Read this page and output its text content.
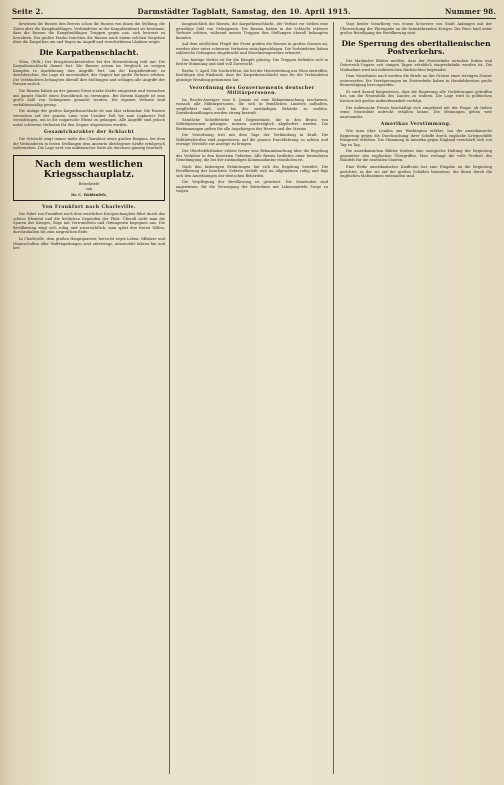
Seite 2.	Darmstädter Tagblatt, Samstag, den 10. April 1915.	Nummer 98.

bewiesen die Russen den Beweis schon die Russen von ihnen die Stellung, die Zaren aber die Kampfunfähigen, Verbündeten in der Karpathenfront sie bestimmt, dass die Russen die Kampfunfähigen Truppen gegen uns, sich bewusst zu bewahren. Ein großes Fiasko brachten die Russen nach einem solchen Vorgehen über die Karpathen um und liegen im Angriff und verschiedenen Ländern zeigte.

Die Karpathenschlacht.

Wien, (Wtb.) Der Kriegsberichterstatter bei der Heeresleitung teilt mit: Die Karpathenschlacht dauert fort. Die Russen setzen im Vergleich zu vorigen Kämpfen in Ausdehnung ihre Angriffe fort, um die Karpathenfront zu durchbrechen. Die Lage ist unverändert, der Gegner hat große Verluste erlitten. Die Verbündeten behaupten überall ihre Stellungen und schlagen alle Angriffe der Russen zurück.

Die Russen haben an der ganzen Front starke Kräfte eingesetzt und versuchen mit ganzer Macht einen Durchbruch zu erzwingen. Bei diesem Kampfe ist eine große Zahl von Gefangenen gemacht worden. Die eigenen Verluste sind verhältnismäßig gering.

Die Anlage der großen Karpathenschlacht ist nun klar erkennbar. Die Russen versuchen auf der ganzen Linie vom Uzsoker Paß bis zum Lupkower Paß vorzudringen, um in die ungarische Ebene zu gelangen. Alle Angriffe sind jedoch unter schweren Verlusten für den Gegner abgewiesen worden.

Gesamtcharakter der Schlacht

Die Schlacht zeigt immer mehr den Charakter eines großen Ringens, bei dem die Verbündeten in festen Stellungen dem Ansturm überlegener Kräfte erfolgreich widerstehen. Die Lage wird von militärischer Seite als durchaus günstig beurteilt.

Nach dem westlichen Kriegsschauplatz.
Reisebriefe
von
Dr. C. Waldenfels.
Von Frankfurt nach Charleville.

Die Fahrt von Frankfurt nach dem westlichen Kriegsschauplatz führt durch das schöne Rheintal und die lieblichen Gegenden der Pfalz. Überall sieht man die Spuren des Krieges, Züge mit Verwundeten und Gefangenen begegnen uns. Die Bevölkerung zeigt sich ruhig und zuversichtlich, man spürt den festen Willen, durchzuhalten bis zum siegreichen Ende.

In Charleville, dem großen Hauptquartier, herrscht reges Leben. Offiziere und Mannschaften aller Waffengattungen sind unterwegs, Automobile fahren hin und her.

hauptsächlich die Russen, die Karpathenschlacht, der Verlust vor Sieben eine gewaltige Zahl von Gefangenen. Die Russen haben in der Schlacht schwere Verluste erlitten, während unsere Truppen ihre Stellungen überall behaupten konnten.

Auf dem nördlichen Flügel der Front greifen die Russen in großen Massen an, werden aber unter schweren Verlusten zurückgeschlagen. Die Verbündeten haben zahlreiche Gefangene eingebracht und Maschinengewehre erbeutet.

Das heutige Wetter ist für die Kämpfe günstig. Die Truppen befinden sich in bester Stimmung und sind voll Zuversicht.

Berlin, 9. April. Die Nachrichten, die bei der Heeresleitung aus Wien eintreffen, bestätigen den Eindruck, dass die Karpathenschlacht eine für die Verbündeten günstige Wendung genommen hat.

Verordnung des Gouvernements deutscher Militärpersonen.

Im Reichs-Anzeiger vom 8. Januar ist eine Bekanntmachung erschienen, wonach alle Militärpersonen, die sich in feindlichen Ländern aufhalten, verpflichtet sind, sich bei der zuständigen Behörde zu melden. Zuwiderhandlungen werden streng bestraft.

Sämtliche Schriftstücke und Gegenstände, die in den Besitz von Militärpersonen gelangen, müssen unverzüglich abgeliefert werden. Die Bestimmungen gelten für alle Angehörigen des Heeres und der Marine.

Die Verordnung tritt mit dem Tage der Verkündung in Kraft. Die Militärbehörden sind angewiesen, auf die genaue Durchführung zu achten und etwaige Verstöße zur Anzeige zu bringen.

Der Oberbefehlshaber erlässt ferner eine Bekanntmachung über die Regelung des Verkehrs in den besetzten Gebieten. Alle Reisen bedürfen einer besonderen Genehmigung, die bei der zuständigen Kommandantur einzuholen ist.

Nach den bisherigen Erfahrungen hat sich die Regelung bewährt. Die Bevölkerung der besetzten Gebiete verhält sich im allgemeinen ruhig und fügt sich den Anordnungen der deutschen Behörden.

Die Verpflegung der Bevölkerung ist gesichert. Die Gemeinden sind angewiesen, für die Versorgung der Einwohner mit Lebensmitteln Sorge zu tragen.

Vogt beider Vorarlberg von einem Schwerer von Stadt Anbingen mit der Überreichung der Ehrengabe an die heimkehrenden Krieger. Die Feier fand unter großer Beteiligung der Bevölkerung statt.

Die Sperrung des oberitalienischen Postverkehrs.

Die Mailänder Blätter melden, dass der Postverkehr zwischen Italien und Österreich-Ungarn seit einigen Tagen erheblich eingeschränkt worden ist. Die Maßnahme wird mit militärischen Rücksichten begründet.

Dem Vernehmen nach werden die Briefe an der Grenze einer strengen Zensur unterworfen. Die Verzögerungen im Postverkehr haben in Handelskreisen große Beunruhigung hervorgerufen.

Es wird darauf hingewiesen, dass die Regierung alle Vorkehrungen getroffen hat, um die Neutralität des Landes zu wahren. Die Lage wird in politischen Kreisen mit großer Aufmerksamkeit verfolgt.

Die italienische Presse beschäftigt sich eingehend mit der Frage, ob Italien seine Neutralität aufrecht erhalten könne. Die Meinungen gehen weit auseinander.

Amerikas Verstimmung.

Wie man über London aus Washington erfährt, hat die amerikanische Regierung gegen die Durchsuchung ihrer Schiffe durch englische Kriegsschiffe Einspruch erhoben. Die Stimmung in Amerika gegen England verschärft sich von Tag zu Tag.

Die amerikanischen Blätter fordern eine energische Haltung der Regierung gegenüber den englischen Übergriffen. Man verlangt die volle Freiheit des Handels für die neutralen Staaten.

Eine Reihe amerikanischer Kaufleute hat eine Eingabe an die Regierung gerichtet, in der sie auf die großen Schäden hinweisen, die ihnen durch die englischen Maßnahmen entstanden sind.
